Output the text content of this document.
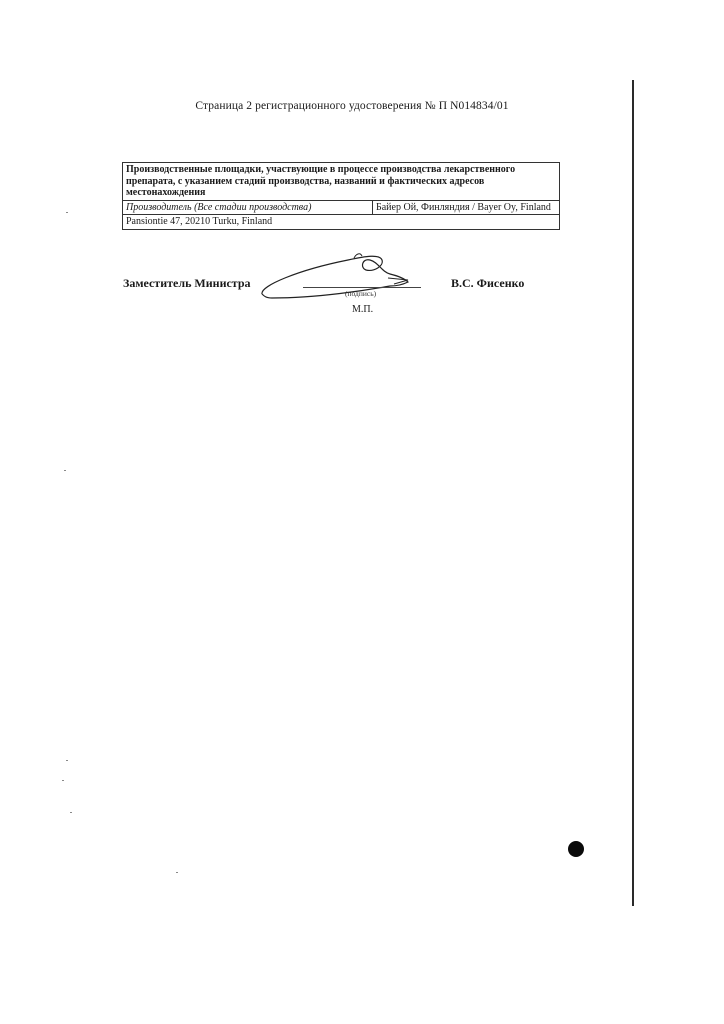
Страница 2 регистрационного удостоверения № П N014834/01
Производственные площадки, участвующие в процессе производства лекарственного препарата, с указанием стадий производства, названий и фактических адресов местонахождения
Производитель (Все стадии производства)	Байер Ой, Финляндия / Bayer Oy, Finland
Pansiontie 47, 20210 Turku, Finland
Заместитель Министра
(подпись)
М.П.
В.С. Фисенко
